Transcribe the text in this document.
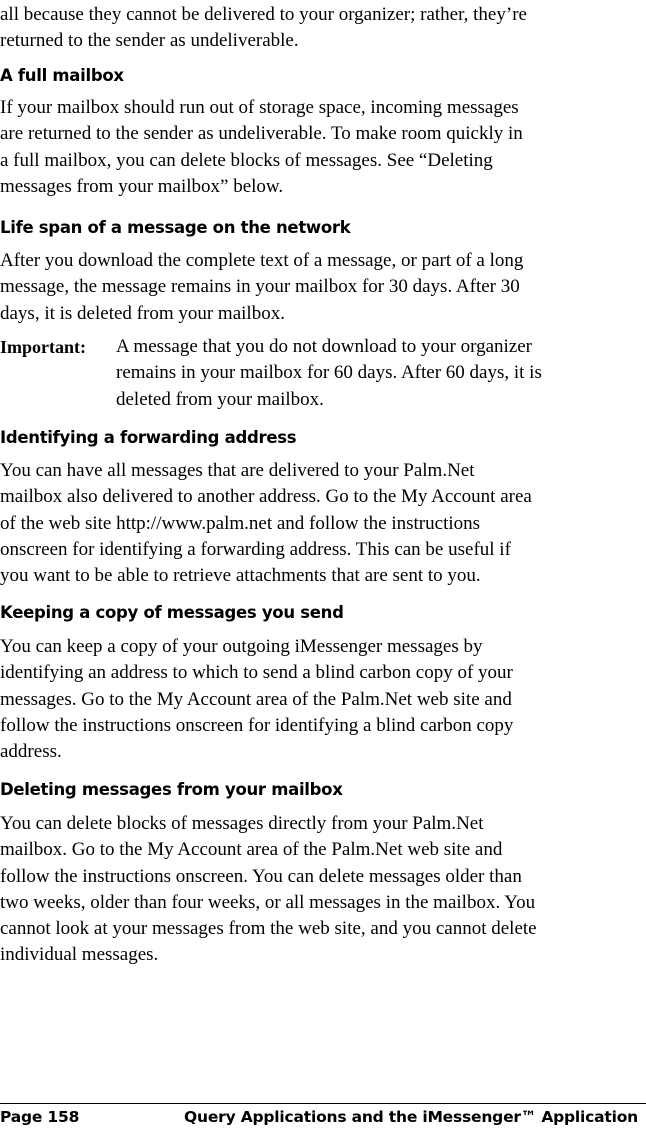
all because they cannot be delivered to your organizer; rather, they’re
returned to the sender as undeliverable.
A full mailbox
If your mailbox should run out of storage space, incoming messages
are returned to the sender as undeliverable. To make room quickly in
a full mailbox, you can delete blocks of messages. See “Deleting
messages from your mailbox” below.
Life span of a message on the network
After you download the complete text of a message, or part of a long
message, the message remains in your mailbox for 30 days. After 30
days, it is deleted from your mailbox.
Important: A message that you do not download to your organizer
remains in your mailbox for 60 days. After 60 days, it is
deleted from your mailbox.
Identifying a forwarding address
You can have all messages that are delivered to your Palm.Net
mailbox also delivered to another address. Go to the My Account area
of the web site http://www.palm.net and follow the instructions
onscreen for identifying a forwarding address. This can be useful if
you want to be able to retrieve attachments that are sent to you.
Keeping a copy of messages you send
You can keep a copy of your outgoing iMessenger messages by
identifying an address to which to send a blind carbon copy of your
messages. Go to the My Account area of the Palm.Net web site and
follow the instructions onscreen for identifying a blind carbon copy
address.
Deleting messages from your mailbox
You can delete blocks of messages directly from your Palm.Net
mailbox. Go to the My Account area of the Palm.Net web site and
follow the instructions onscreen. You can delete messages older than
two weeks, older than four weeks, or all messages in the mailbox. You
cannot look at your messages from the web site, and you cannot delete
individual messages.
Page 158	Query Applications and the iMessenger™ Application
